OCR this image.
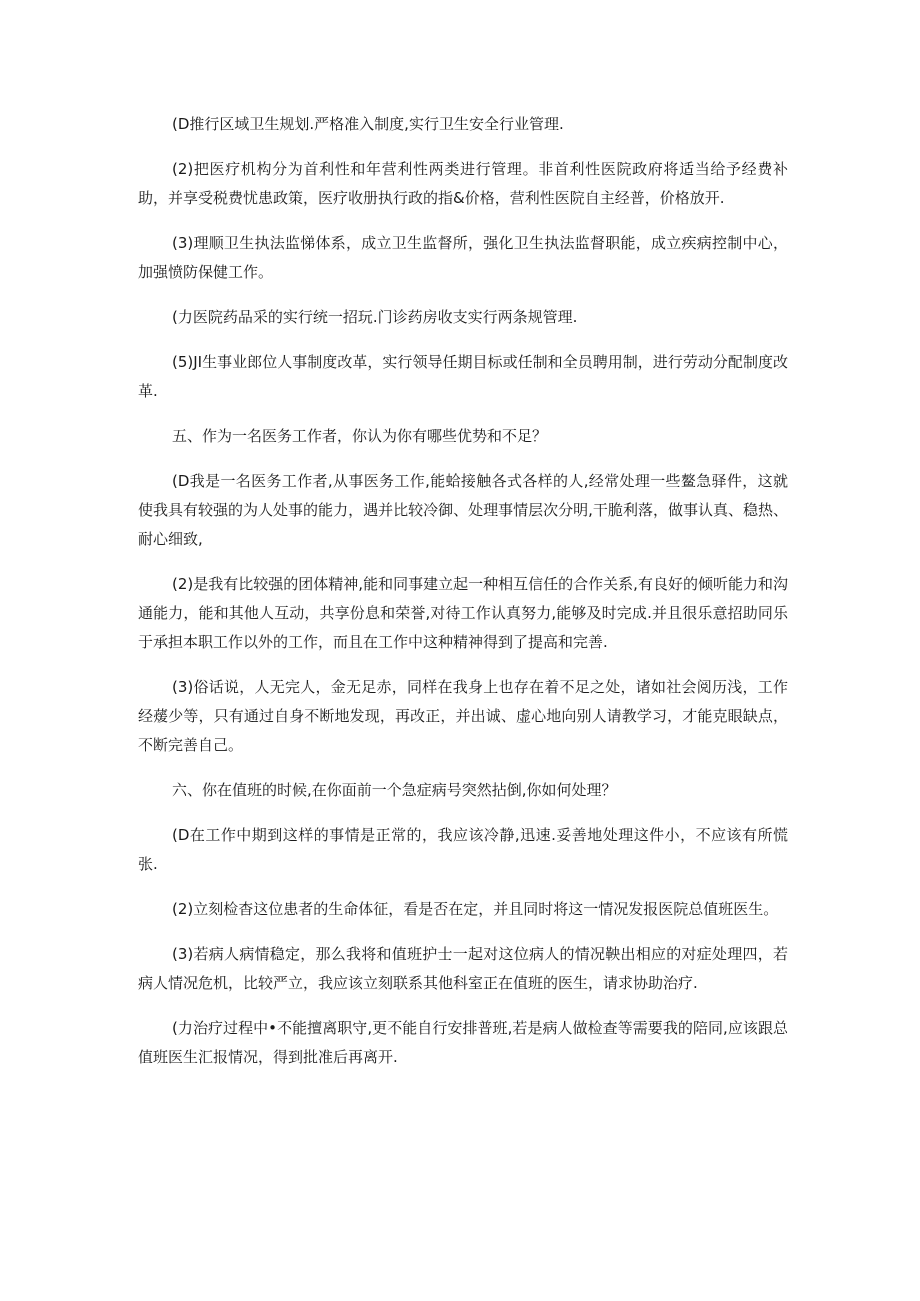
(D推行区域卫生规划.严格准入制度,实行卫生安全行业管理.

(2)把医疗机构分为首利性和年营利性两类进行管理。非首利性医院政府将适当给予经费补助，并享受税费忧患政策，医疗收册执行政的指&价格，营利性医院自主经普，价格放开.

(3)理顺卫生执法监悌体系，成立卫生监督所，强化卫生执法监督职能，成立疾病控制中心，加强愤防保健工作。

(力医院药品采的实行统一招玩.门诊药房收支实行两条规管理.

(5)JI生事业郎位人事制度改革，实行领导任期目标或任制和全员聘用制，进行劳动分配制度改革.

五、作为一名医务工作者，你认为你有哪些优势和不足？

(D我是一名医务工作者,从事医务工作,能蛤接触各式各样的人,经常处理一些鳌急驿件，这就使我具有较强的为人处事的能力，遇并比较冷御、处理事情层次分明,干脆利落，做事认真、稳热、耐心细致,

(2)是我有比较强的团体精神,能和同事建立起一种相互信任的合作关系,有良好的倾听能力和沟通能力，能和其他人互动，共享份息和荣誉,对待工作认真努力,能够及时完成.并且很乐意招助同乐于承担本职工作以外的工作，而且在工作中这种精神得到了提高和完善.

(3)俗话说，人无完人，金无足赤，同样在我身上也存在着不足之处，诸如社会阅历浅，工作经蕿少等，只有通过自身不断地发现，再改正，并出诚、虚心地向别人请教学习，才能克眼缺点，不断完善自己。

六、你在值班的时候,在你面前一个急症病号突然拈倒,你如何处理？

(D在工作中期到这样的事情是正常的，我应该冷静,迅速.妥善地处理这件小，不应该有所慌张.

(2)立刻检杳这位患者的生命体征，看是否在定，并且同时将这一情况发报医院总值班医生。

(3)若病人病情稳定，那么我将和值班护士一起对这位病人的情况鞅出相应的对症处理四，若病人情况危机，比较严立，我应该立刻联系其他科室正在值班的医生，请求协助治疗.

(力治疗过程中•不能擅离职守,更不能自行安排普班,若是病人做检查等需要我的陪同,应该跟总值班医生汇报情况，得到批准后再离开.
